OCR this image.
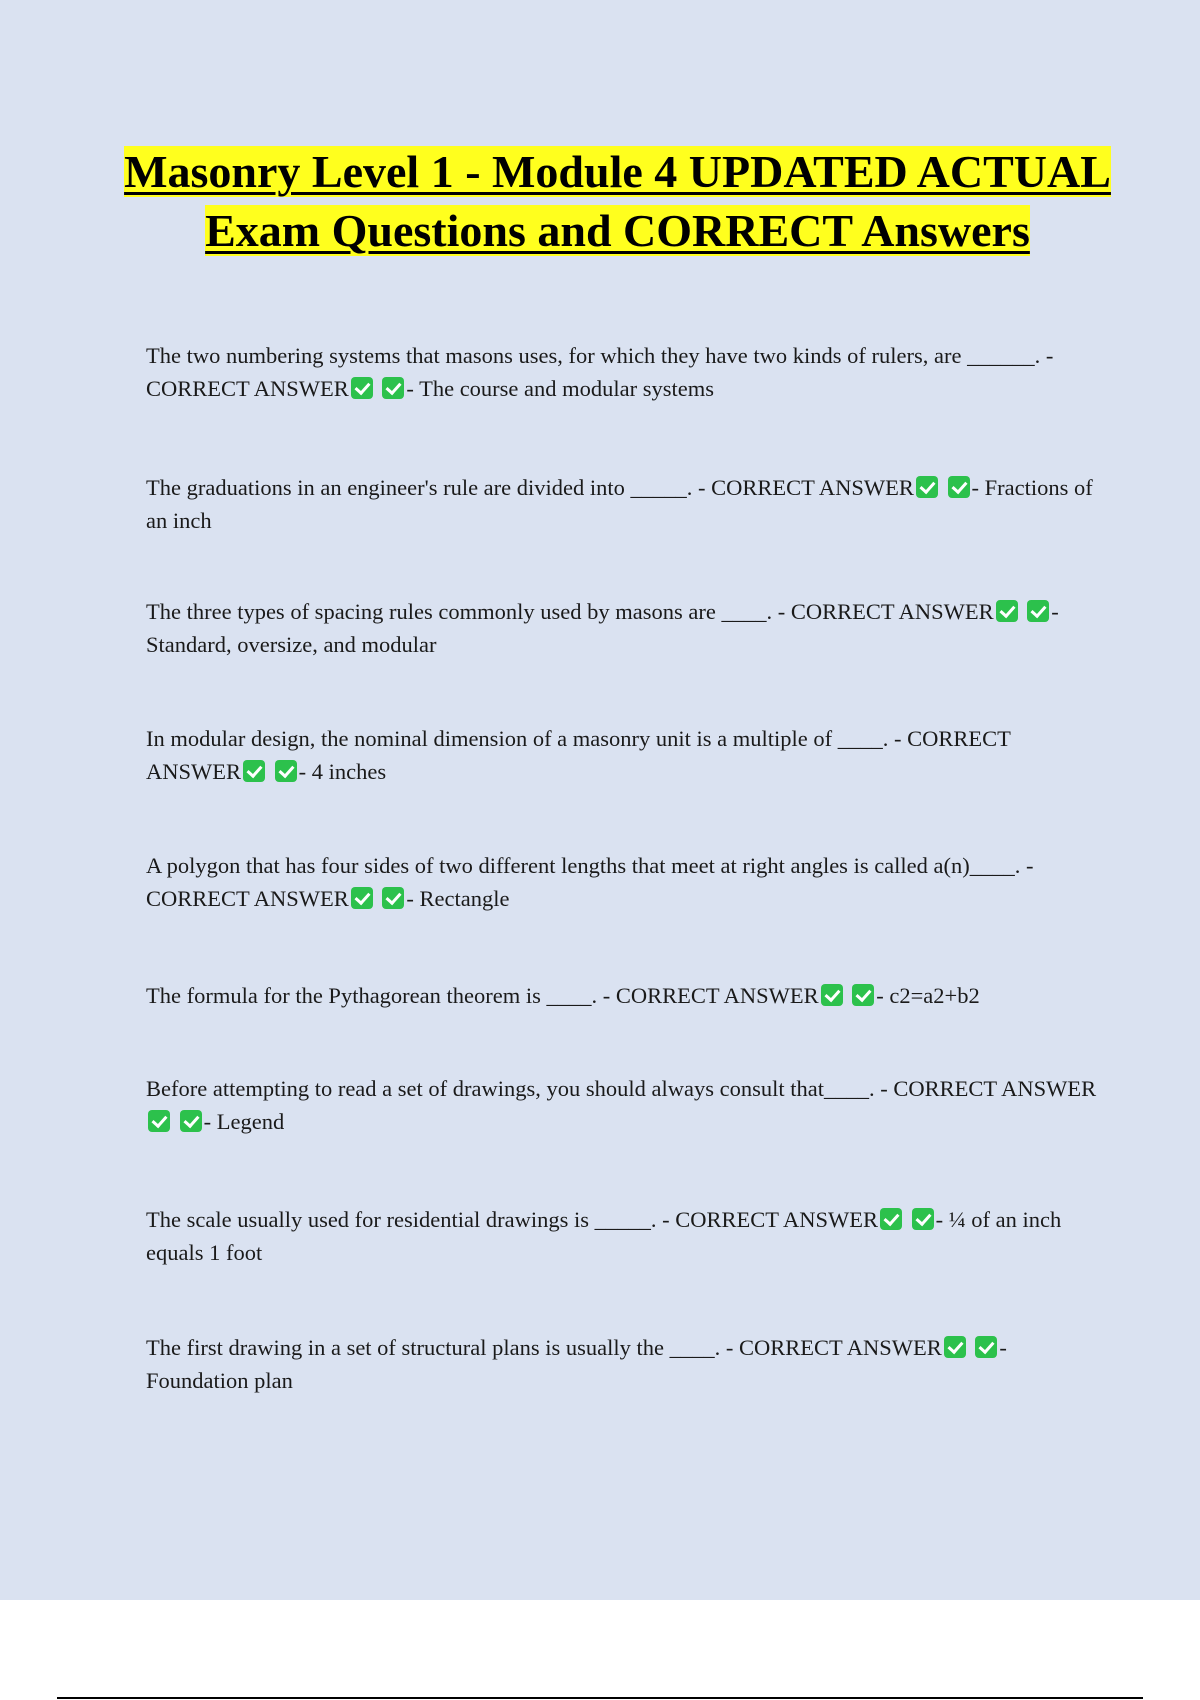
Masonry Level 1 - Module 4 UPDATED ACTUAL Exam Questions and CORRECT Answers

The two numbering systems that masons uses, for which they have two kinds of rulers, are ______. - CORRECT ANSWER	- The course and modular systems

The graduations in an engineer's rule are divided into _____. - CORRECT ANSWER	- Fractions of an inch

The three types of spacing rules commonly used by masons are ____. - CORRECT ANSWER	- Standard, oversize, and modular

In modular design, the nominal dimension of a masonry unit is a multiple of ____. - CORRECT ANSWER	- 4 inches

A polygon that has four sides of two different lengths that meet at right angles is called a(n)____. - CORRECT ANSWER	- Rectangle

The formula for the Pythagorean theorem is ____. - CORRECT ANSWER	- c2=a2+b2

Before attempting to read a set of drawings, you should always consult that____. - CORRECT ANSWER - Legend

The scale usually used for residential drawings is _____. - CORRECT ANSWER	- ¼ of an inch equals 1 foot

The first drawing in a set of structural plans is usually the ____. - CORRECT ANSWER	- Foundation plan
